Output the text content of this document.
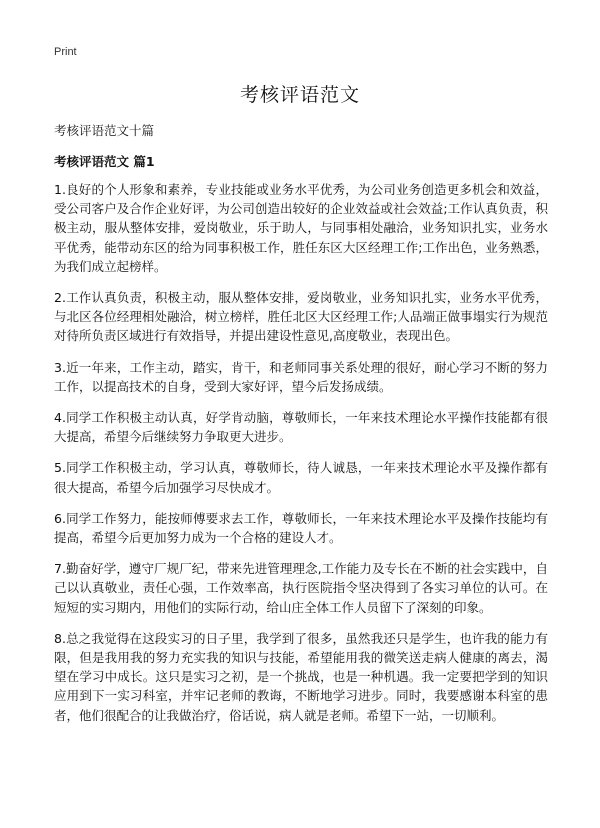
Print
考核评语范文
考核评语范文十篇
考核评语范文 篇1

1.良好的个人形象和素养，专业技能或业务水平优秀，为公司业务创造更多机会和效益，受公司客户及合作企业好评，为公司创造出较好的企业效益或社会效益;工作认真负责，积极主动，服从整体安排，爱岗敬业，乐于助人，与同事相处融洽，业务知识扎实，业务水平优秀，能带动东区的给为同事积极工作，胜任东区大区经理工作;工作出色，业务熟悉，为我们成立起榜样。

2.工作认真负责，积极主动，服从整体安排，爱岗敬业，业务知识扎实，业务水平优秀，与北区各位经理相处融洽，树立榜样，胜任北区大区经理工作;人品端正做事塌实行为规范对待所负责区域进行有效指导，并提出建设性意见,高度敬业，表现出色。

3.近一年来，工作主动，踏实，肯干，和老师同事关系处理的很好，耐心学习不断的努力工作，以提高技术的自身，受到大家好评，望今后发扬成绩。

4.同学工作积极主动认真，好学肯动脑，尊敬师长，一年来技术理论水平操作技能都有很大提高，希望今后继续努力争取更大进步。

5.同学工作积极主动，学习认真，尊敬师长，待人诚恳，一年来技术理论水平及操作都有很大提高，希望今后加强学习尽快成才。

6.同学工作努力，能按师傅要求去工作，尊敬师长，一年来技术理论水平及操作技能均有提高，希望今后更加努力成为一个合格的建设人才。

7.勤奋好学，遵守厂规厂纪，带来先进管理理念,工作能力及专长在不断的社会实践中，自己以认真敬业，责任心强，工作效率高，执行医院指令坚决得到了各实习单位的认可。在短短的实习期内，用他们的实际行动，给山庄全体工作人员留下了深刻的印象。

8.总之我觉得在这段实习的日子里，我学到了很多，虽然我还只是学生，也许我的能力有限，但是我用我的努力充实我的知识与技能，希望能用我的微笑送走病人健康的离去，渴望在学习中成长。这只是实习之初，是一个挑战，也是一种机遇。我一定要把学到的知识应用到下一实习科室，并牢记老师的教诲，不断地学习进步。同时，我要感谢本科室的患者，他们很配合的让我做治疗，俗话说，病人就是老师。希望下一站，一切顺利。
